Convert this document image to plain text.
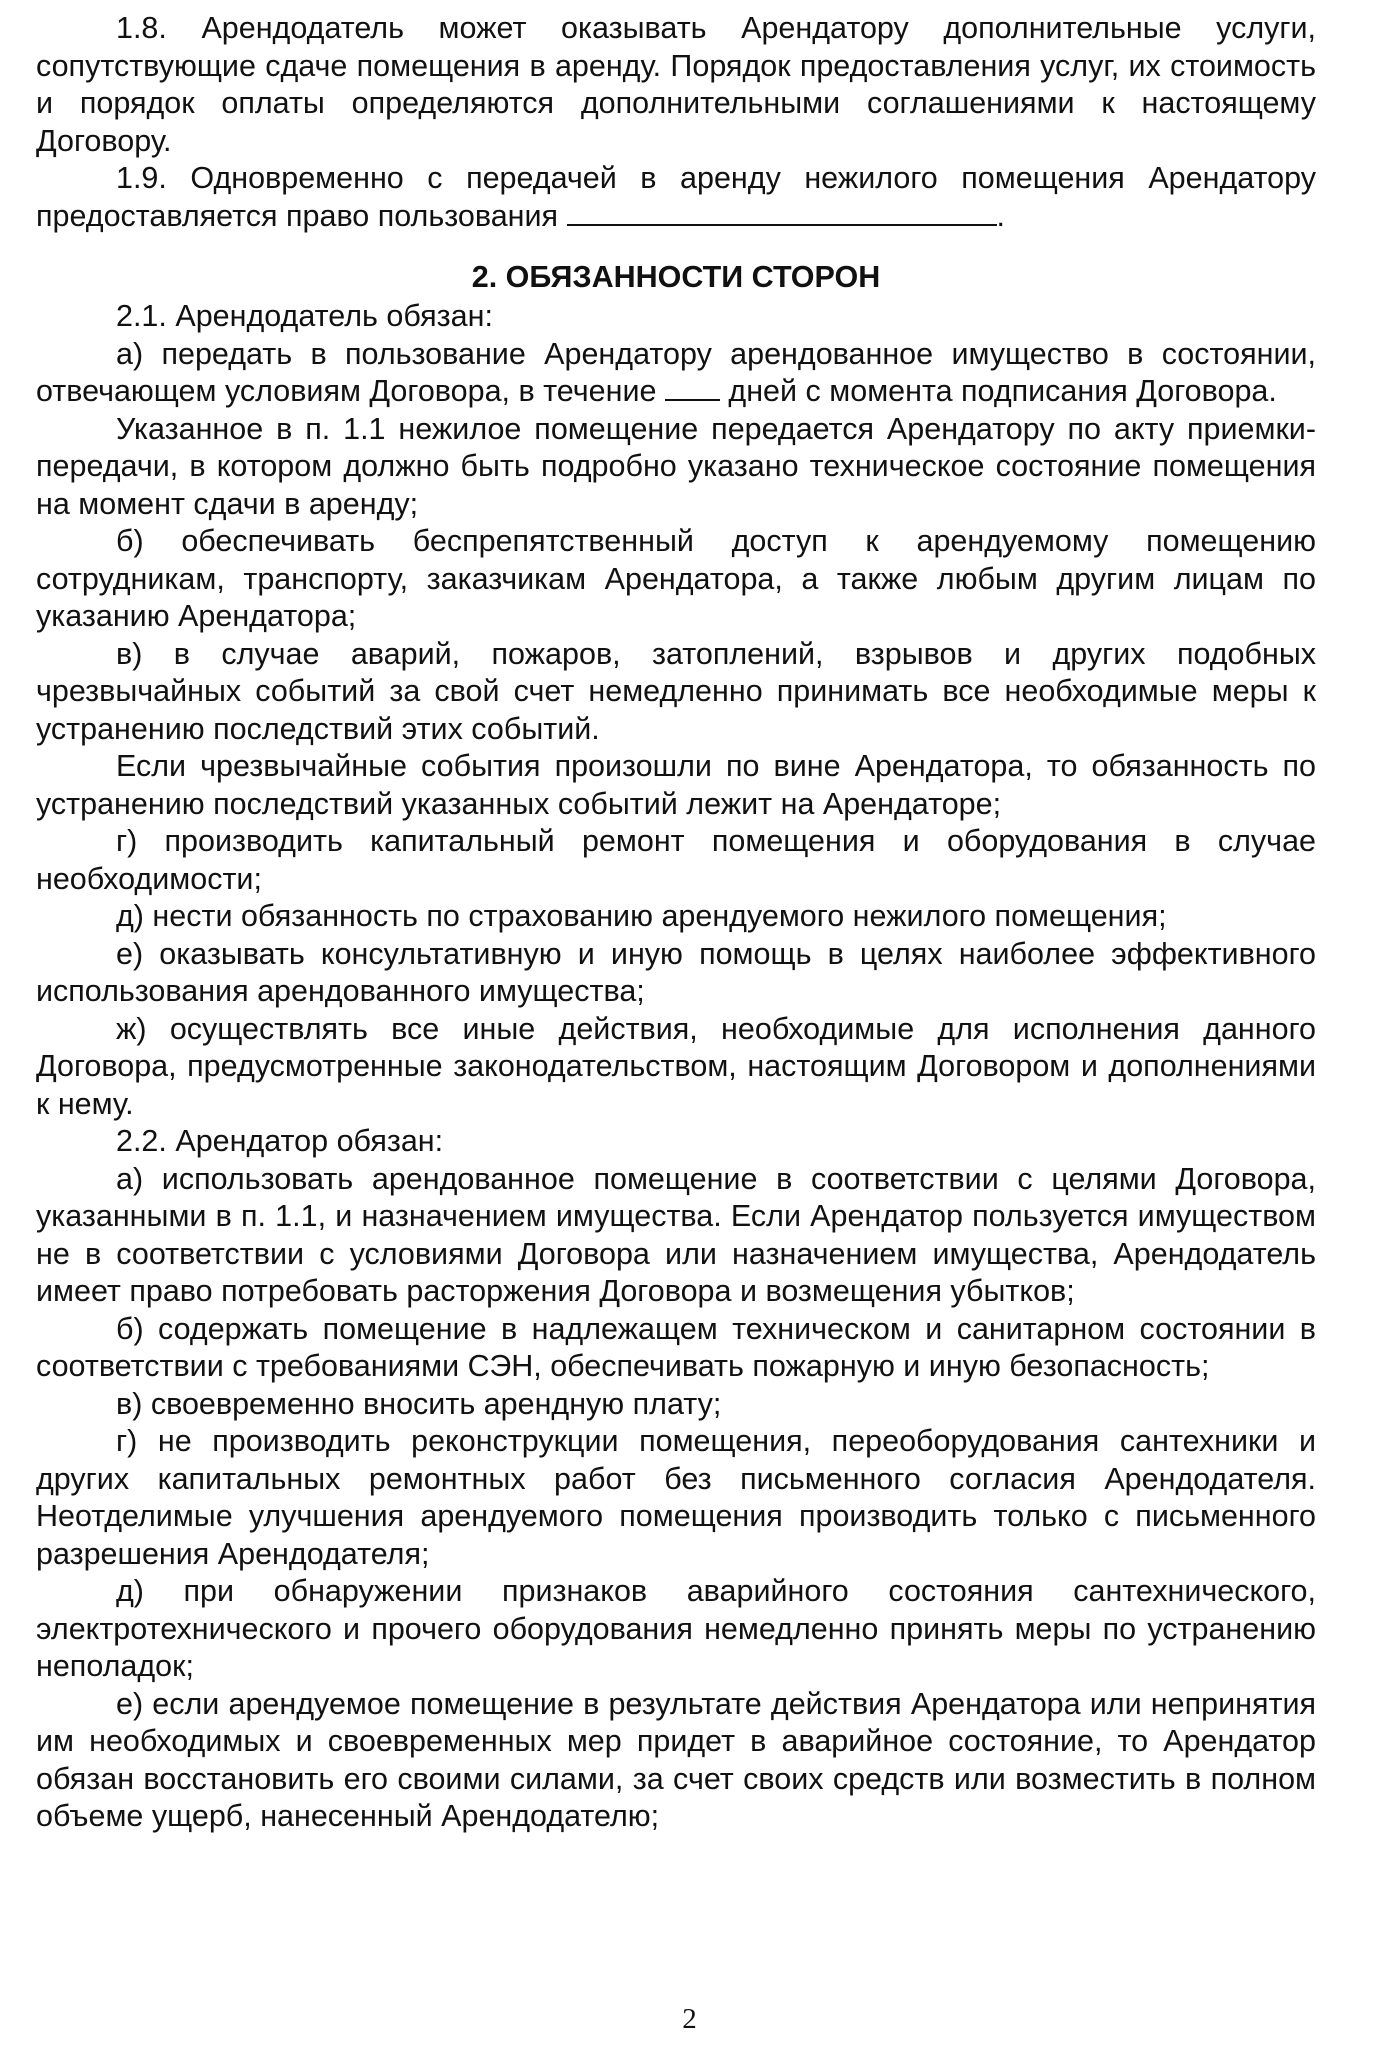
1.8. Арендодатель может оказывать Арендатору дополнительные услуги, сопутствующие сдаче помещения в аренду. Порядок предоставления услуг, их стоимость и порядок оплаты определяются дополнительными соглашениями к настоящему Договору.

1.9. Одновременно с передачей в аренду нежилого помещения Арендатору предоставляется право пользования	.

2. ОБЯЗАННОСТИ СТОРОН

2.1. Арендодатель обязан:

а) передать в пользование Арендатору арендованное имущество в состоянии, отвечающем условиям Договора, в течение дней с момента подписания Договора.

Указанное в п. 1.1 нежилое помещение передается Арендатору по акту приемки-передачи, в котором должно быть подробно указано техническое состояние помещения на момент сдачи в аренду;

б) обеспечивать беспрепятственный доступ к арендуемому помещению сотрудникам, транспорту, заказчикам Арендатора, а также любым другим лицам по указанию Арендатора;

в) в случае аварий, пожаров, затоплений, взрывов и других подобных чрезвычайных событий за свой счет немедленно принимать все необходимые меры к устранению последствий этих событий.

Если чрезвычайные события произошли по вине Арендатора, то обязанность по устранению последствий указанных событий лежит на Арендаторе;

г) производить капитальный ремонт помещения и оборудования в случае необходимости;

д) нести обязанность по страхованию арендуемого нежилого помещения;

е) оказывать консультативную и иную помощь в целях наиболее эффективного использования арендованного имущества;

ж) осуществлять все иные действия, необходимые для исполнения данного Договора, предусмотренные законодательством, настоящим Договором и дополнениями к нему.

2.2. Арендатор обязан:

а) использовать арендованное помещение в соответствии с целями Договора, указанными в п. 1.1, и назначением имущества. Если Арендатор пользуется имуществом не в соответствии с условиями Договора или назначением имущества, Арендодатель имеет право потребовать расторжения Договора и возмещения убытков;

б) содержать помещение в надлежащем техническом и санитарном состоянии в соответствии с требованиями СЭН, обеспечивать пожарную и иную безопасность;

в) своевременно вносить арендную плату;

г) не производить реконструкции помещения, переоборудования сантехники и других капитальных ремонтных работ без письменного согласия Арендодателя. Неотделимые улучшения арендуемого помещения производить только с письменного разрешения Арендодателя;

д) при обнаружении признаков аварийного состояния сантехнического, электротехнического и прочего оборудования немедленно принять меры по устранению неполадок;

е) если арендуемое помещение в результате действия Арендатора или непринятия им необходимых и своевременных мер придет в аварийное состояние, то Арендатор обязан восстановить его своими силами, за счет своих средств или возместить в полном объеме ущерб, нанесенный Арендодателю;

2
